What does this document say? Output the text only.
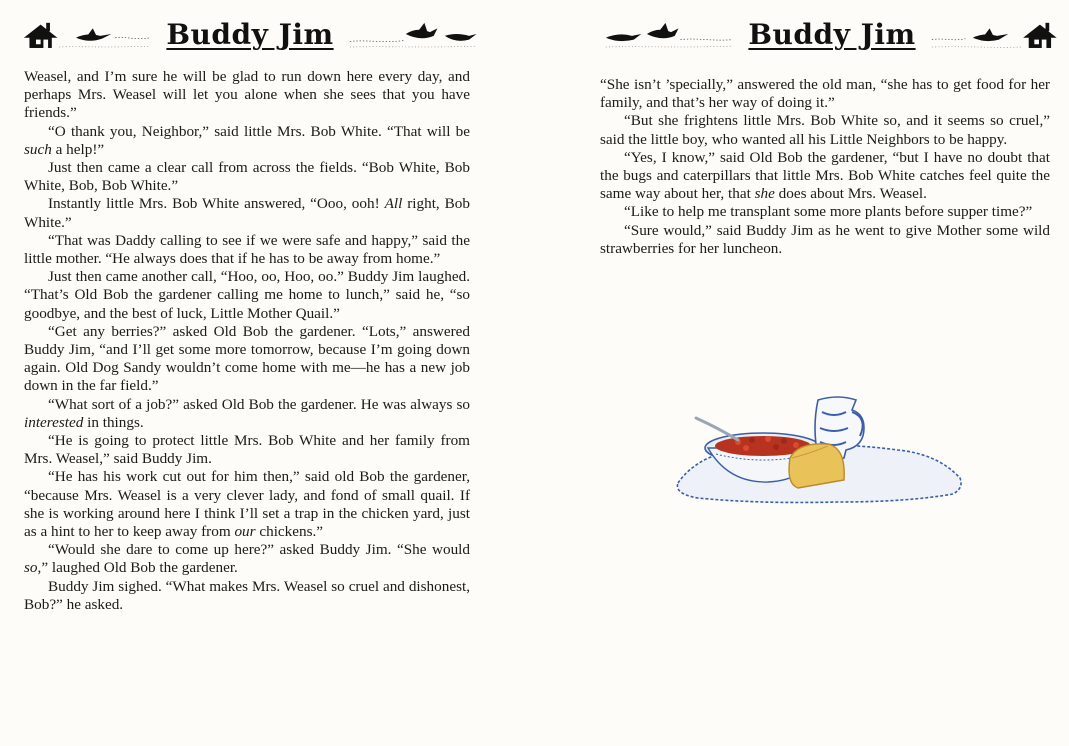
Buddy Jim

Weasel, and I’m sure he will be glad to run down here every day, and perhaps Mrs. Weasel will let you alone when she sees that you have friends.”

“O thank you, Neighbor,” said little Mrs. Bob White. “That will be such a help!”

Just then came a clear call from across the fields. “Bob White, Bob White, Bob, Bob White.”

Instantly little Mrs. Bob White answered, “Ooo, ooh! All right, Bob White.”

“That was Daddy calling to see if we were safe and happy,” said the little mother. “He always does that if he has to be away from home.”

Just then came another call, “Hoo, oo, Hoo, oo.” Buddy Jim laughed. “That’s Old Bob the gardener calling me home to lunch,” said he, “so goodbye, and the best of luck, Little Mother Quail.”

“Get any berries?” asked Old Bob the gardener. “Lots,” answered Buddy Jim, “and I’ll get some more tomorrow, because I’m going down again. Old Dog Sandy wouldn’t come home with me—he has a new job down in the far field.”

“What sort of a job?” asked Old Bob the gardener. He was always so interested in things.

“He is going to protect little Mrs. Bob White and her family from Mrs. Weasel,” said Buddy Jim.

“He has his work cut out for him then,” said old Bob the gardener, “because Mrs. Weasel is a very clever lady, and fond of small quail. If she is working around here I think I’ll set a trap in the chicken yard, just as a hint to her to keep away from our chickens.”

“Would she dare to come up here?” asked Buddy Jim. “She would so,” laughed Old Bob the gardener.

Buddy Jim sighed. “What makes Mrs. Weasel so cruel and dishonest, Bob?” he asked.

Buddy Jim

“She isn’t ’specially,” answered the old man, “she has to get food for her family, and that’s her way of doing it.”

“But she frightens little Mrs. Bob White so, and it seems so cruel,” said the little boy, who wanted all his Little Neighbors to be happy.

“Yes, I know,” said Old Bob the gardener, “but I have no doubt that the bugs and caterpillars that little Mrs. Bob White catches feel quite the same way about her, that she does about Mrs. Weasel.

“Like to help me transplant some more plants before supper time?”

“Sure would,” said Buddy Jim as he went to give Mother some wild strawberries for her luncheon.
